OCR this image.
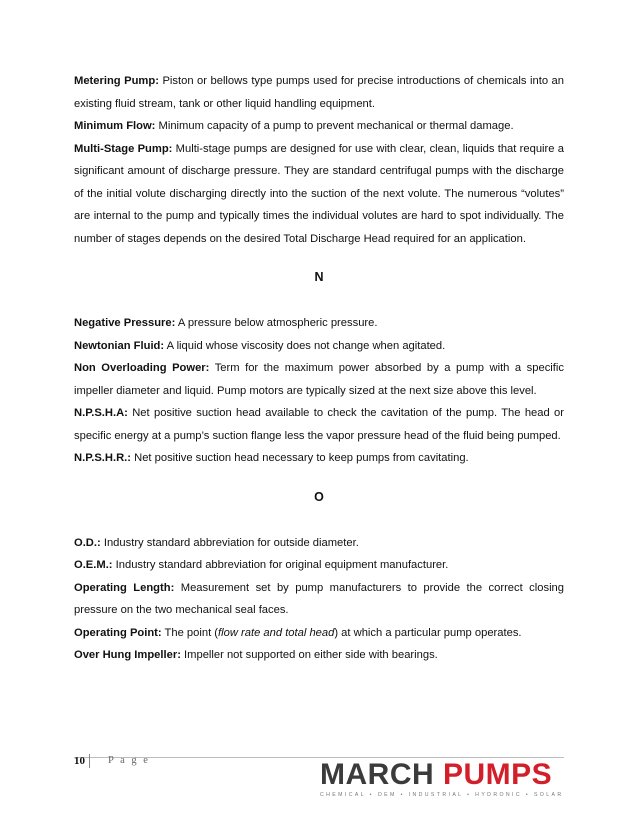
Metering Pump: Piston or bellows type pumps used for precise introductions of chemicals into an existing fluid stream, tank or other liquid handling equipment.

Minimum Flow: Minimum capacity of a pump to prevent mechanical or thermal damage.

Multi-Stage Pump: Multi-stage pumps are designed for use with clear, clean, liquids that require a significant amount of discharge pressure. They are standard centrifugal pumps with the discharge of the initial volute discharging directly into the suction of the next volute. The numerous “volutes” are internal to the pump and typically times the individual volutes are hard to spot individually. The number of stages depends on the desired Total Discharge Head required for an application.

N

Negative Pressure: A pressure below atmospheric pressure.

Newtonian Fluid: A liquid whose viscosity does not change when agitated.

Non Overloading Power: Term for the maximum power absorbed by a pump with a specific impeller diameter and liquid. Pump motors are typically sized at the next size above this level.

N.P.S.H.A: Net positive suction head available to check the cavitation of the pump. The head or specific energy at a pump’s suction flange less the vapor pressure head of the fluid being pumped.

N.P.S.H.R.: Net positive suction head necessary to keep pumps from cavitating.

O

O.D.: Industry standard abbreviation for outside diameter.

O.E.M.: Industry standard abbreviation for original equipment manufacturer.

Operating Length: Measurement set by pump manufacturers to provide the correct closing pressure on the two mechanical seal faces.

Operating Point: The point (flow rate and total head) at which a particular pump operates.

Over Hung Impeller: Impeller not supported on either side with bearings.

10	P a g e	MARCH PUMPS
CHEMICAL • OEM • INDUSTRIAL • HYDRONIC • SOLAR
